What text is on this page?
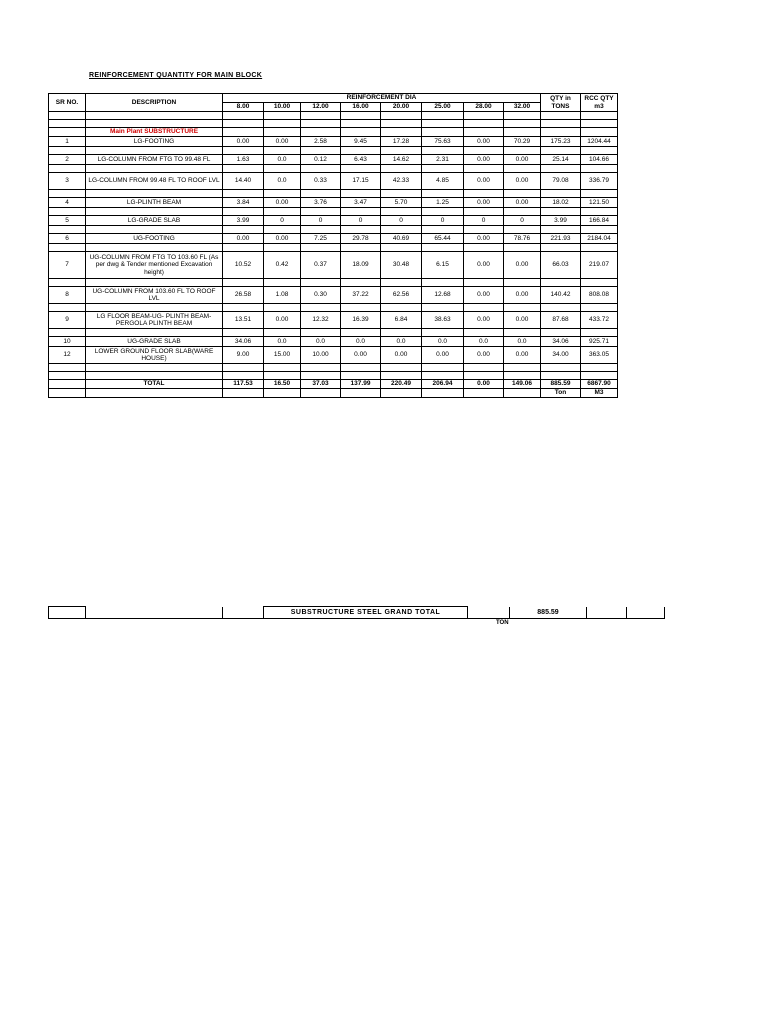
REINFORCEMENT QUANTITY FOR MAIN BLOCK
SR NO.	DESCRIPTION	REINFORCEMENT DIA								QTY in TONS	RCC QTY m3
		8.00	10.00	12.00	16.00	20.00	25.00	28.00	32.00		

	Main Plant SUBSTRUCTURE										
1	LG-FOOTING	0.00	0.00	2.58	9.45	17.28	75.63	0.00	70.29	175.23	1204.44

2	LG-COLUMN FROM FTG TO 99.48 FL	1.63	0.0	0.12	6.43	14.62	2.31	0.00	0.00	25.14	104.66

3	LG-COLUMN FROM 99.48 FL TO ROOF LVL	14.40	0.0	0.33	17.15	42.33	4.85	0.00	0.00	79.08	336.79

4	LG-PLINTH BEAM	3.84	0.00	3.76	3.47	5.70	1.25	0.00	0.00	18.02	121.50

5	LG-GRADE SLAB	3.99	0	0	0	0	0	0	0	3.99	166.84

6	UG-FOOTING	0.00	0.00	7.25	29.78	40.69	65.44	0.00	78.76	221.93	2184.04

7	UG-COLUMN FROM FTG TO 103.60 FL (As per dwg & Tender mentioned Excavation height)	10.52	0.42	0.37	18.09	30.48	6.15	0.00	0.00	66.03	219.07

8	UG-COLUMN FROM 103.60 FL TO ROOF LVL	26.58	1.08	0.30	37.22	62.56	12.68	0.00	0.00	140.42	808.08

9	LG FLOOR BEAM-UG- PLINTH BEAM-PERGOLA PLINTH BEAM	13.51	0.00	12.32	16.39	6.84	38.63	0.00	0.00	87.68	433.72

10	UG-GRADE SLAB	34.06	0.0	0.0	0.0	0.0	0.0	0.0	0.0	34.06	925.71
12	LOWER GROUND FLOOR SLAB(WARE HOUSE)	9.00	15.00	10.00	0.00	0.00	0.00	0.00	0.00	34.00	363.05

	TOTAL	117.53	16.50	37.03	137.99	220.49	206.94	0.00	149.06	885.59	6867.90
										Ton	M3
			SUBSTRUCTURE STEEL GRAND TOTAL		885.59		
TON
